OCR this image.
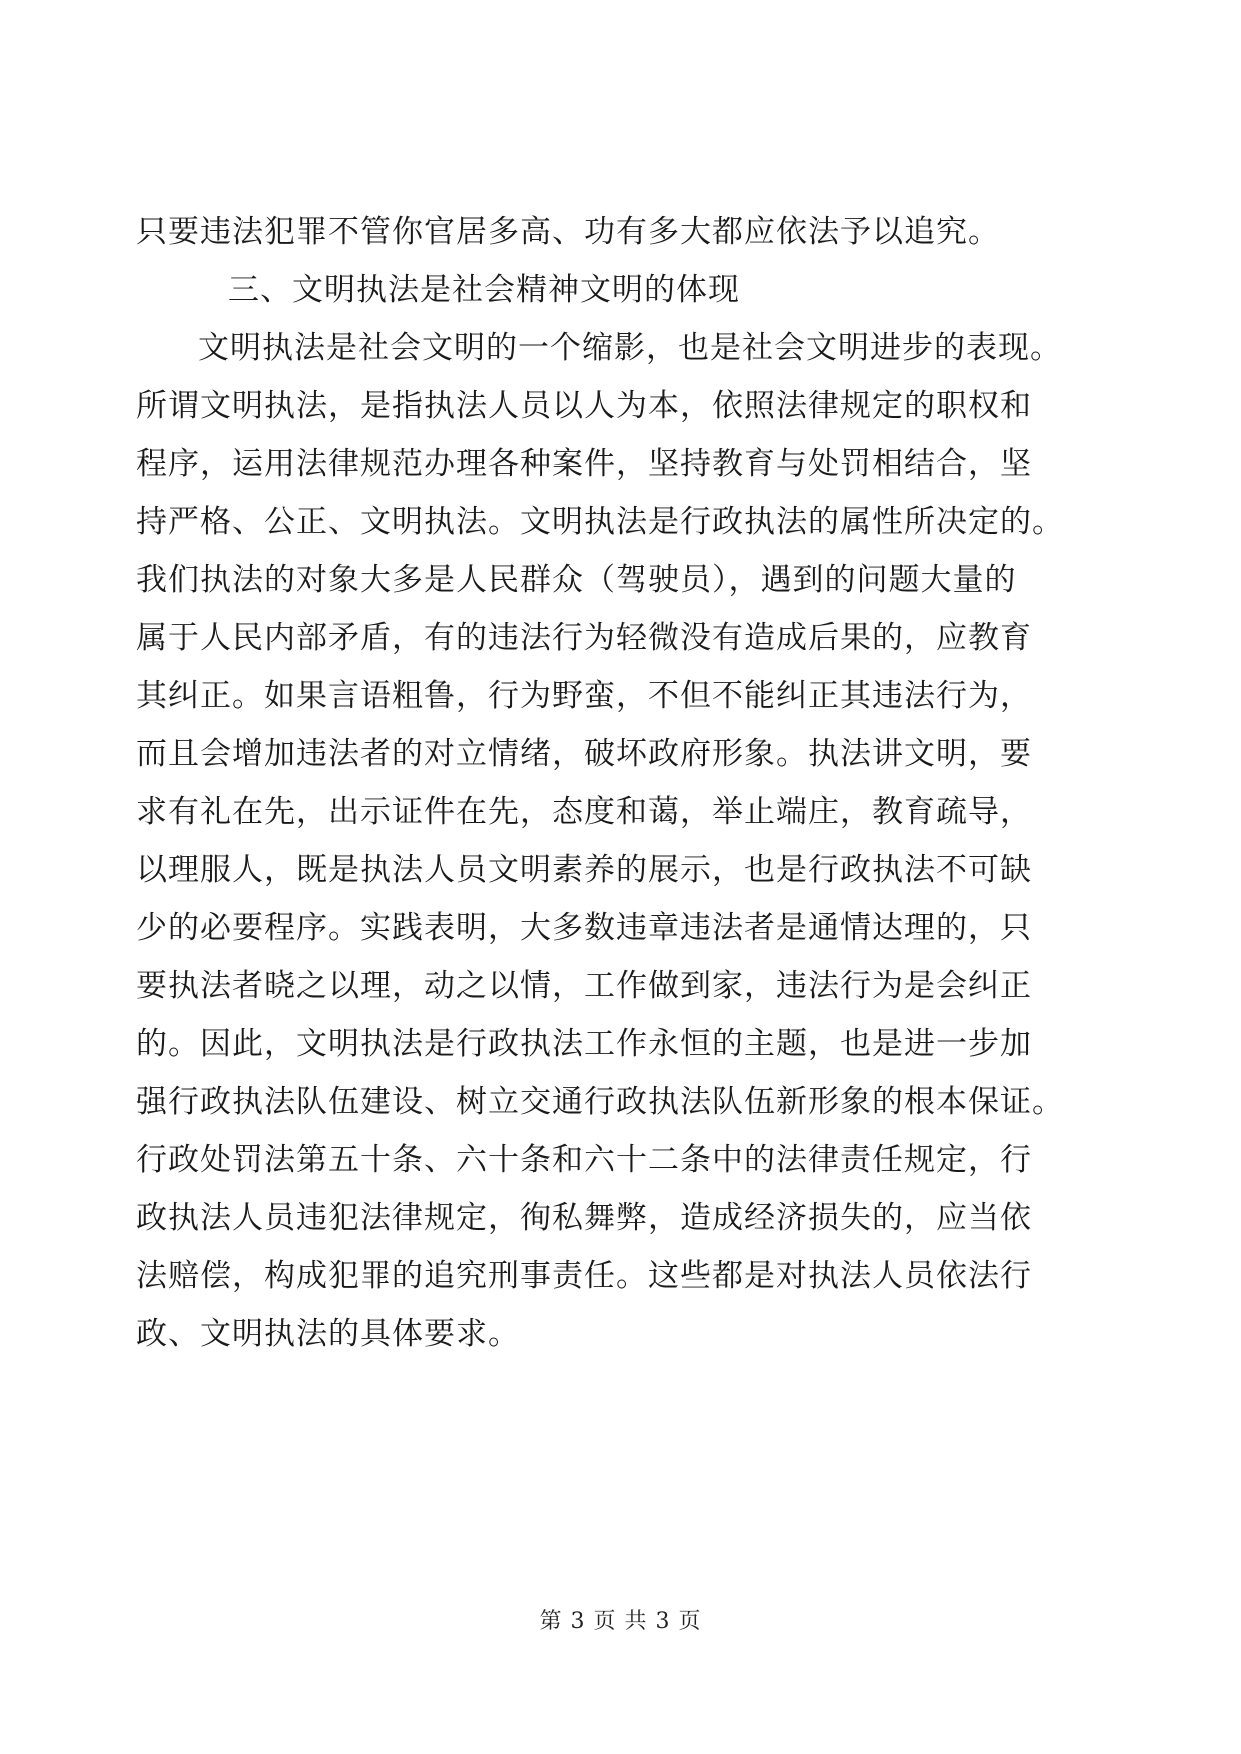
只要违法犯罪不管你官居多高、功有多大都应依法予以追究。
三、文明执法是社会精神文明的体现
文明执法是社会文明的一个缩影，也是社会文明进步的表现。
所谓文明执法，是指执法人员以人为本，依照法律规定的职权和
程序，运用法律规范办理各种案件，坚持教育与处罚相结合，坚
持严格、公正、文明执法。文明执法是行政执法的属性所决定的。
我们执法的对象大多是人民群众（驾驶员），遇到的问题大量的
属于人民内部矛盾，有的违法行为轻微没有造成后果的，应教育
其纠正。如果言语粗鲁，行为野蛮，不但不能纠正其违法行为，
而且会增加违法者的对立情绪，破坏政府形象。执法讲文明，要
求有礼在先，出示证件在先，态度和蔼，举止端庄，教育疏导，
以理服人，既是执法人员文明素养的展示，也是行政执法不可缺
少的必要程序。实践表明，大多数违章违法者是通情达理的，只
要执法者晓之以理，动之以情，工作做到家，违法行为是会纠正
的。因此，文明执法是行政执法工作永恒的主题，也是进一步加
强行政执法队伍建设、树立交通行政执法队伍新形象的根本保证。
行政处罚法第五十条、六十条和六十二条中的法律责任规定，行
政执法人员违犯法律规定，徇私舞弊，造成经济损失的，应当依
法赔偿，构成犯罪的追究刑事责任。这些都是对执法人员依法行
政、文明执法的具体要求。
第 3 页 共 3 页
